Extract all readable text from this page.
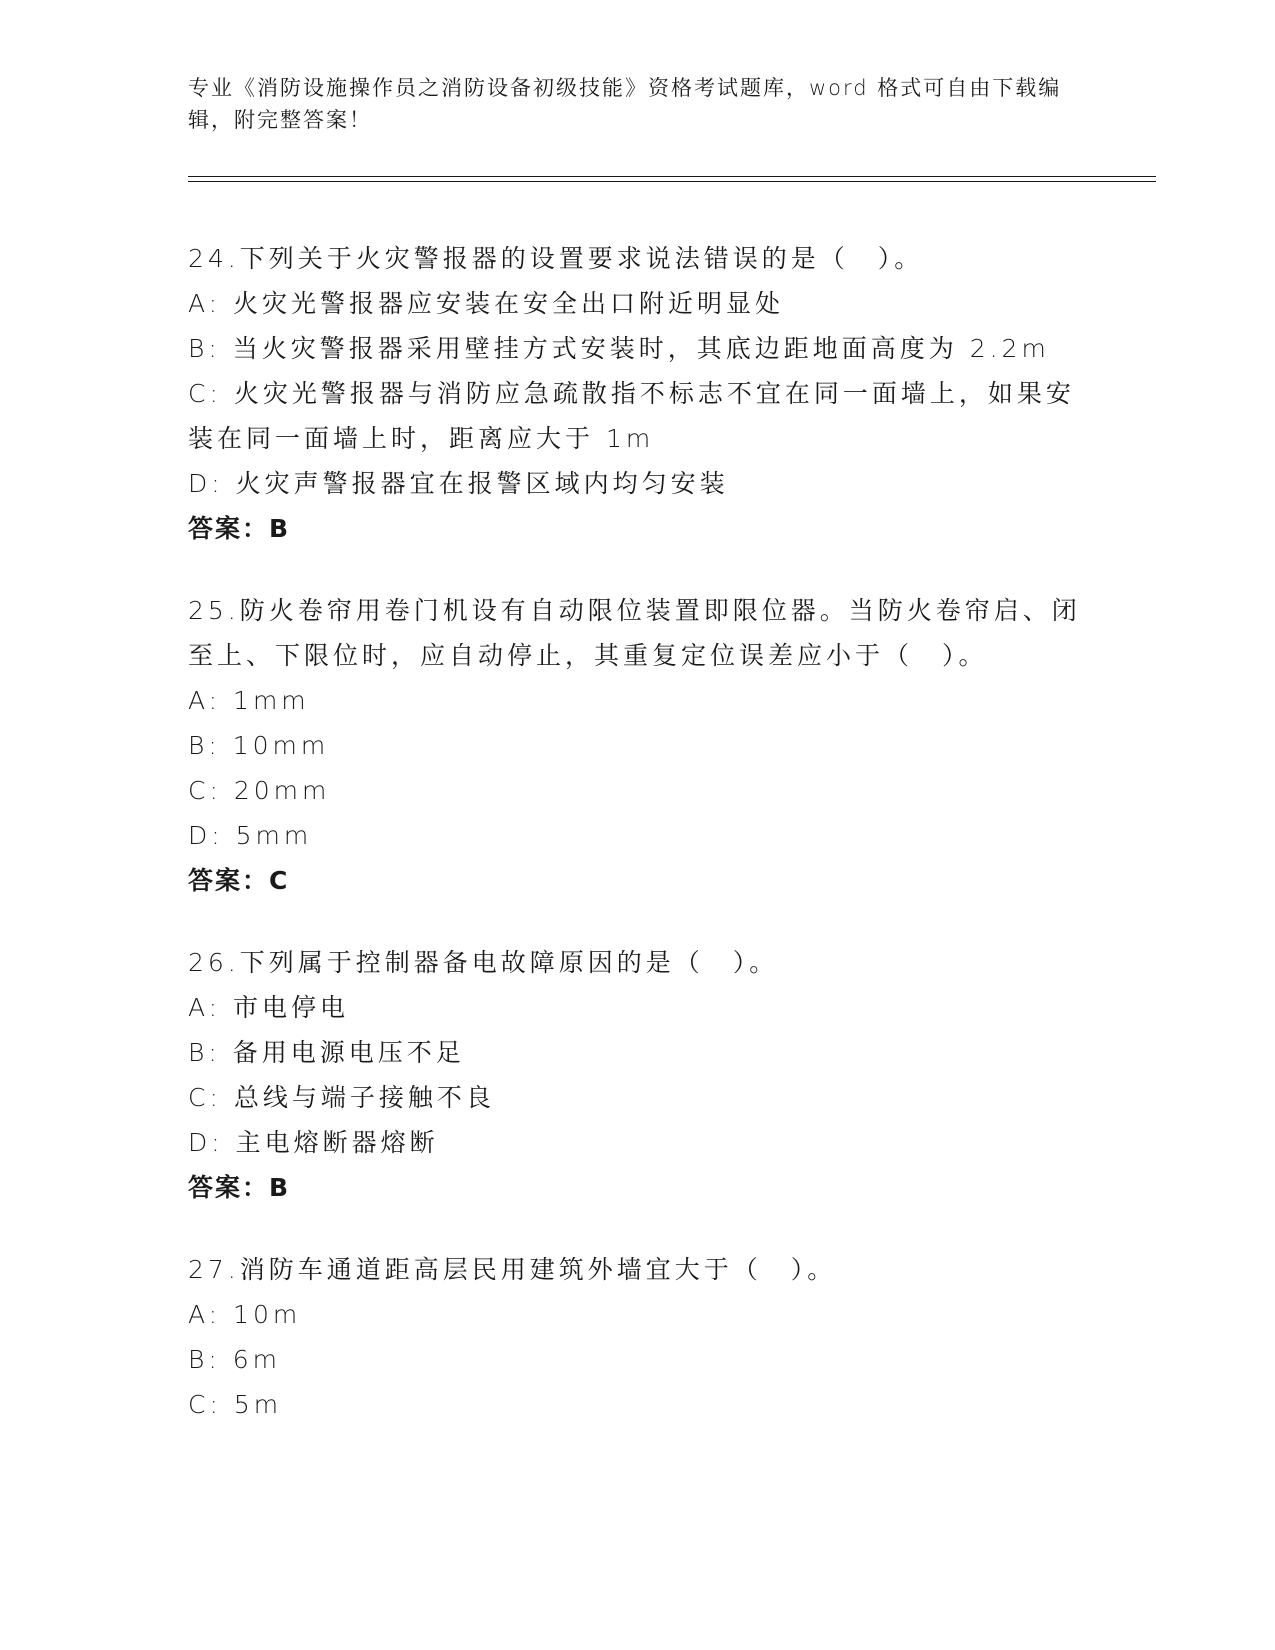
专业《消防设施操作员之消防设备初级技能》资格考试题库，word 格式可自由下载编辑，附完整答案！
24.下列关于火灾警报器的设置要求说法错误的是（　）。
A: 火灾光警报器应安装在安全出口附近明显处
B: 当火灾警报器采用壁挂方式安装时，其底边距地面高度为 2.2m
C: 火灾光警报器与消防应急疏散指不标志不宜在同一面墙上，如果安装在同一面墙上时，距离应大于 1m
D: 火灾声警报器宜在报警区域内均匀安装
答案：B
25.防火卷帘用卷门机设有自动限位装置即限位器。当防火卷帘启、闭至上、下限位时，应自动停止，其重复定位误差应小于（　）。
A: 1mm
B: 10mm
C: 20mm
D: 5mm
答案：C
26.下列属于控制器备电故障原因的是（　）。
A: 市电停电
B: 备用电源电压不足
C: 总线与端子接触不良
D: 主电熔断器熔断
答案：B
27.消防车通道距高层民用建筑外墙宜大于（　）。
A: 10m
B: 6m
C: 5m
